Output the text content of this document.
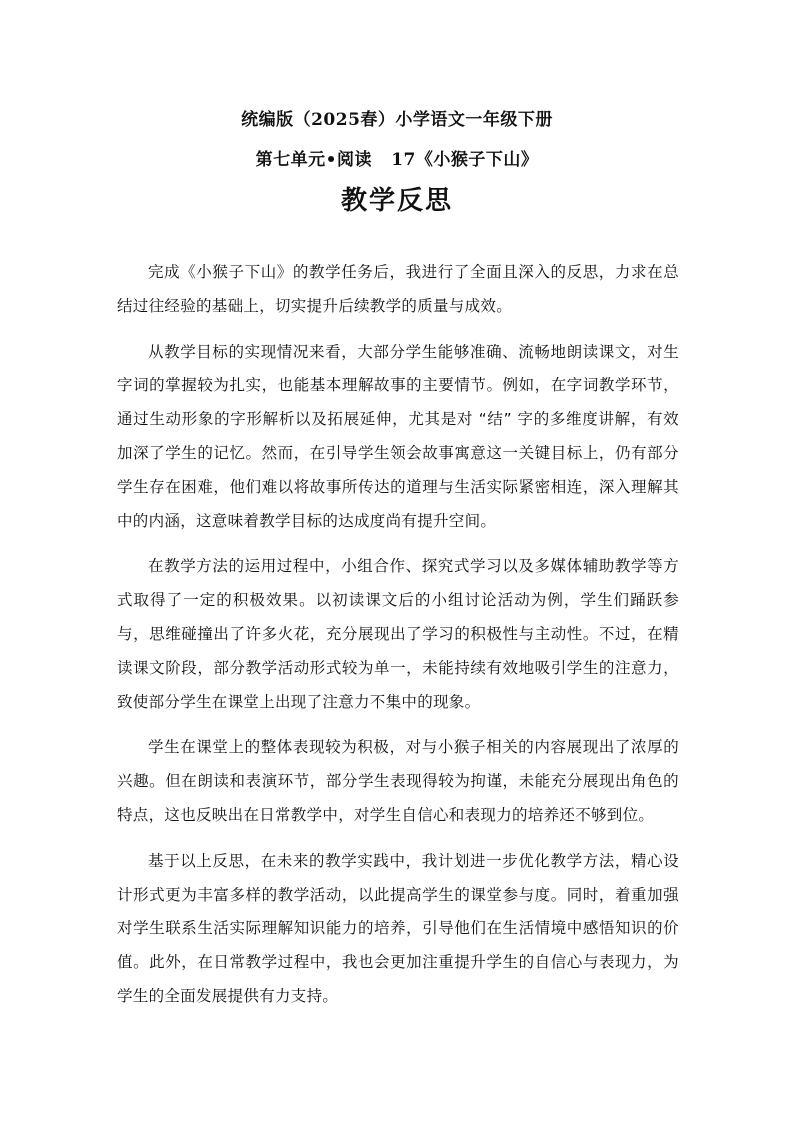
统编版（2025春）小学语文一年级下册
第七单元•阅读   17《小猴子下山》
教学反思

完成《小猴子下山》的教学任务后，我进行了全面且深入的反思，力求在总结过往经验的基础上，切实提升后续教学的质量与成效。

从教学目标的实现情况来看，大部分学生能够准确、流畅地朗读课文，对生字词的掌握较为扎实，也能基本理解故事的主要情节。例如，在字词教学环节，通过生动形象的字形解析以及拓展延伸，尤其是对 “结” 字的多维度讲解，有效加深了学生的记忆。然而，在引导学生领会故事寓意这一关键目标上，仍有部分学生存在困难，他们难以将故事所传达的道理与生活实际紧密相连，深入理解其中的内涵，这意味着教学目标的达成度尚有提升空间。

在教学方法的运用过程中，小组合作、探究式学习以及多媒体辅助教学等方式取得了一定的积极效果。以初读课文后的小组讨论活动为例，学生们踊跃参与，思维碰撞出了许多火花，充分展现出了学习的积极性与主动性。不过，在精读课文阶段，部分教学活动形式较为单一，未能持续有效地吸引学生的注意力，致使部分学生在课堂上出现了注意力不集中的现象。

学生在课堂上的整体表现较为积极，对与小猴子相关的内容展现出了浓厚的兴趣。但在朗读和表演环节，部分学生表现得较为拘谨，未能充分展现出角色的特点，这也反映出在日常教学中，对学生自信心和表现力的培养还不够到位。

基于以上反思，在未来的教学实践中，我计划进一步优化教学方法，精心设计形式更为丰富多样的教学活动，以此提高学生的课堂参与度。同时，着重加强对学生联系生活实际理解知识能力的培养，引导他们在生活情境中感悟知识的价值。此外，在日常教学过程中，我也会更加注重提升学生的自信心与表现力，为学生的全面发展提供有力支持。
